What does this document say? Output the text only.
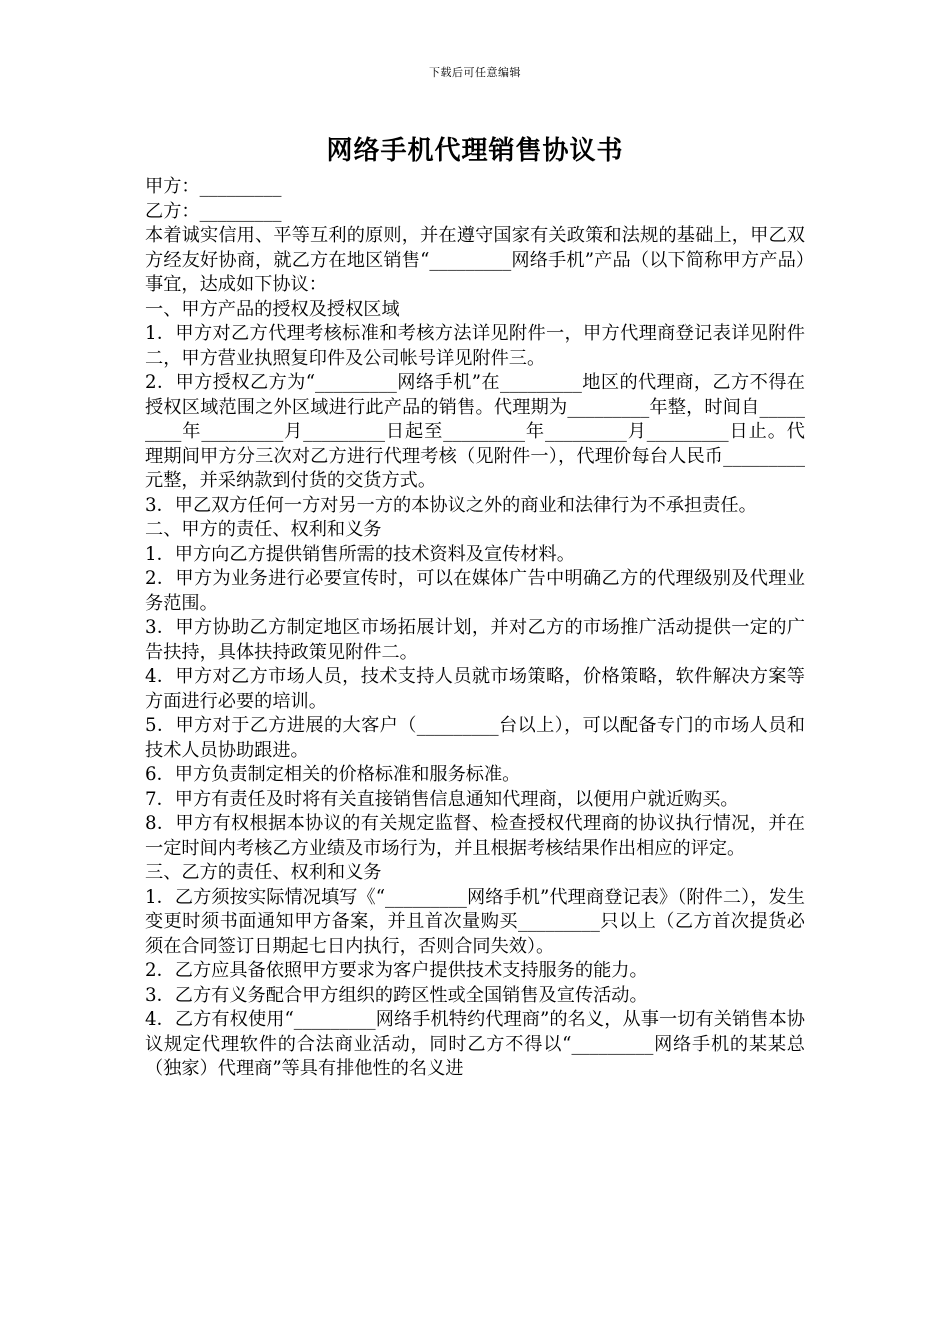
下载后可任意编辑
网络手机代理销售协议书

甲方：_________

乙方：_________

本着诚实信用、平等互利的原则，并在遵守国家有关政策和法规的基础上，甲乙双方经友好协商，就乙方在地区销售“_________网络手机”产品（以下简称甲方产品）事宜，达成如下协议：

一、甲方产品的授权及授权区域

1．甲方对乙方代理考核标准和考核方法详见附件一，甲方代理商登记表详见附件二，甲方营业执照复印件及公司帐号详见附件三。

2．甲方授权乙方为“_________网络手机”在_________地区的代理商，乙方不得在授权区域范围之外区域进行此产品的销售。代理期为_________年整，时间自_________年_________月_________日起至_________年_________月_________日止。代理期间甲方分三次对乙方进行代理考核（见附件一），代理价每台人民币_________元整，并采纳款到付货的交货方式。

3．甲乙双方任何一方对另一方的本协议之外的商业和法律行为不承担责任。

二、甲方的责任、权利和义务

1．甲方向乙方提供销售所需的技术资料及宣传材料。

2．甲方为业务进行必要宣传时，可以在媒体广告中明确乙方的代理级别及代理业务范围。

3．甲方协助乙方制定地区市场拓展计划，并对乙方的市场推广活动提供一定的广告扶持，具体扶持政策见附件二。

4．甲方对乙方市场人员，技术支持人员就市场策略，价格策略，软件解决方案等方面进行必要的培训。

5．甲方对于乙方进展的大客户（_________台以上），可以配备专门的市场人员和技术人员协助跟进。

6．甲方负责制定相关的价格标准和服务标准。

7．甲方有责任及时将有关直接销售信息通知代理商，以便用户就近购买。

8．甲方有权根据本协议的有关规定监督、检查授权代理商的协议执行情况，并在一定时间内考核乙方业绩及市场行为，并且根据考核结果作出相应的评定。

三、乙方的责任、权利和义务

1．乙方须按实际情况填写《“_________网络手机”代理商登记表》（附件二），发生变更时须书面通知甲方备案，并且首次量购买_________只以上（乙方首次提货必须在合同签订日期起七日内执行，否则合同失效）。

2．乙方应具备依照甲方要求为客户提供技术支持服务的能力。

3．乙方有义务配合甲方组织的跨区性或全国销售及宣传活动。

4．乙方有权使用“_________网络手机特约代理商”的名义，从事一切有关销售本协议规定代理软件的合法商业活动，同时乙方不得以“_________网络手机的某某总（独家）代理商”等具有排他性的名义进
